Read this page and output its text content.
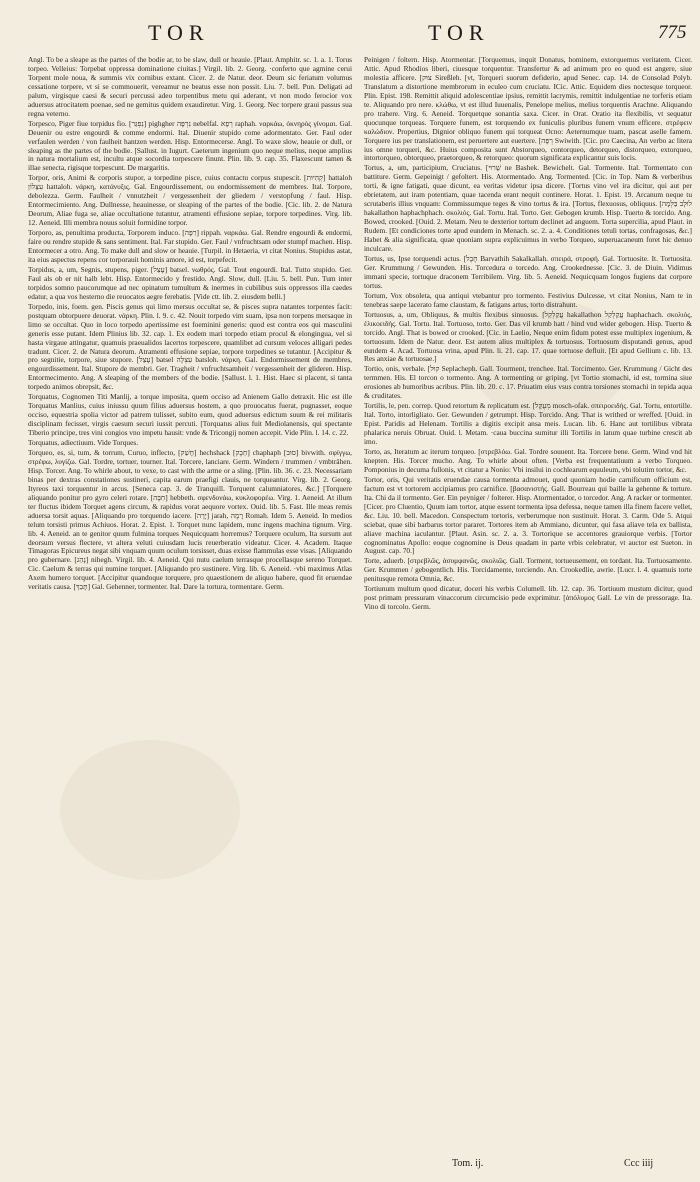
TOR	TOR	775

Angl. To be a sleape as the partes of the bodie ar, to be slaw, dull or heauie. [Plaut. Amphitr. sc. 1. a. 1. Torus torpeo. Velleius: Torpebat oppressa dominatione ciuitas.] Virgil. lib. 2. Georg. ·conferto que agmine cerui Torpent mole noua, & summis vix cornibus extant. Cicer. 2. de Natur. deor. Deum sic feriatum volumus cessatione torpere, vt si se commouerit, vereamur ne beatus esse non possit. Liu. 7. bell. Pun. Deligati ad palum, virgisque caesi & securi percussi adeo torpentibus metu qui aderant, vt non modo ferocior vox aduersus atrocitatem poenae, sed ne gemitus quidem exaudiretur. Virg. 1. Georg. Nec torpere graui passus sua regna veterno.

Torpesco, Piger fiue torpidus fio. [נִפְגַּר] pighgher נִרְפָּה nebelfal. רְפָא raphah. ναρκάω, ὀκνηρὸς γίνομαι. Gal. Deuenir ou estre engourdi & comme endormi. Ital. Diuenir stupido come adormentato. Ger. Faul oder verfaulen werden / von faulheit hantzen werden. Hisp. Entormecerse. Angl. To waxe slow, heauie or dull, or sleaping as the partes of the bodie. [Sallust. in Iugurt. Caeterum ingenium quo neque melius, neque amplius in natura mortalium est, incultu atque socordia torpescere finunt. Plin. lib. 9. cap. 35. Flaxescunt tamen & illae senecta, rigisque torpescunt. De margaritis.

Torpor, oris, Animi & corporis stupor, a torpedine pisce, cuius contactu corpus stupescit. [קְהִיוּת] hattaloh עִצָּלוֹן hattaloh. νάρκη, κατάνυξις. Gal. Engourdissement, ou endormissement de membres. Ital. Torpore, debolezza. Germ. Faulheit / vnnutzheit / vergessenheit der gliedern / verstopfung / faul. Hisp. Entormecimiento. Ang. Dullnesse, heauinesse, or sleaping of the partes of the bodie. [Cic. lib. 2. de Natura Deorum, Aliae fuga se, aliae occultatione tutantur, atramenti effusione sepiae, torpore torpedines. Virg. lib. 12. Aeneid. Illi membra nouus soluit formidine torpor.

Torporo, as, penultima producta, Torporem induco. [רִפָּה] rippah. ναρκάω. Gal. Rendre engourdi & endormi, faire ou rendre stupide & sans sentiment. Ital. Far stupido. Ger. Faul / vnfruchtsam oder stumpf machen. Hisp. Entormecer a otro. Ang. To make dull and slow or heauie. [Turpil. in Hetaeria, vt citat Nonius. Stupidus astat, ita eius aspectus repens cor torporauit hominis amore, id est, torpefecit.

Torpidus, a, um, Segnis, stupens, piger. [עָצֵל] batsel. νωθρός. Gal. Tout engourdi. Ital. Tutto stupido. Ger. Faul als ob er nit halb lebt. Hisp. Entormecido y frestido. Angl. Slow, dull. [Liu. 5. bell. Pun. Tum inter torpidos somno paucorumque ad nec opinatum tumultum & inermes in cubilibus suis oppressos illa caedes edatur, a qua vos hesterno die reuocatos aegre ferebatis. [Vide ctt. lib. 2. eiusdem belli.]

Torpedo, inis, foem. gen. Piscis genus qui limo mersus occultat se, & pisces supra natantes torpentes facit: postquam obtorpuere deuorat. νάρκη. Plin. l. 9. c. 42. Nouit torpedo vim suam, ipsa non torpens mersaque in limo se occultat. Quo in loco torpedo apertissime est foeminini generis: quod est contra eos qui masculini generis esse putant. Idem Plinius lib. 32. cap. 1. Ex eodem mari torpedo etiam procul & elongingua, vel si hasta virgaue attingatur, quamuis praeualidos lacertos torpescere, quamlibet ad cursum veloces alligari pedes tradunt. Cicer. 2. de Natura deorum. Atramenti effusione sepiae, torpore torpedines se tutantur. [Accipitur & pro segnitie, torpore, siue stupore. [עָצֵל] batsel עִצְלָה batsloh. νάρκη. Gal. Endormissement de membres, engourdissement. Ital. Stupore de membri. Ger. Tragheit / vnfruchtsamheit / vergessenheit der glideren. Hisp. Entormecimento. Ang. A sleaping of the members of the bodie. [Sallust. l. 1. Hist. Haec si placent, si tanta torpedo animos obrepsit, &c.

Torquatus, Cognomen Titi Manlij, a torque imposita, quem occiso ad Anienem Gallo detraxit. Hic est ille Torquatus Manlius, cuius iniussu quum filius aduersus hostem, a quo prouocatus fuerat, pugnasset, eoque occiso, equestria spolia victor ad patrem tulisset, subito eum, quod aduersus edictum suum & rei militaris disciplinam fecisset, virgis caesum securi iussit percuti. [Torquatus alius fuit Mediolanensis, qui spectante Tiberio principe, tres vini congios vno impetu hausit: vnde & Tricongij nomen accepit. Vide Plin. l. 14. c. 22.

Torquatus, adiectiuum. Vide Torques.

Torqueo, es, si, tum, & torrum, Curuo, inflecto, [חָשַׁק] hechshack [חֵבֶק] chaphaph [סוּב] bivwith. σφίγγω, στρέφω, λυγίζω. Gal. Tordre, tortuer, tourner. Ital. Torcere, lanciare. Germ. Windern / trummen / vmbträhen. Hisp. Torcer. Ang. To whirle about, to vexe, to cast with the arme or a sling. [Plin. lib. 36. c. 23. Necessariam binas per dextras constationes sustineri, capita earum praefigi clauis, ne torqueantur. Virg. lib. 2. Georg. Ityreos taxi torquentur in arcus. [Seneca cap. 3. de Tranquill. Torquent calumniatores, &c.] [Torquere aliquando ponitur pro gyro celeri rotare. [חִבָּה] hebbeth. σφενδονάω, κυκλοφορέω. Virg. 1. Aeneid. At illum ter fluctus ibidem Torquet agens circum, & rapidus vorat aequore vortex. Ouid. lib. 5. Fast. Ille meas remis aduersa torsit aquas. [Aliquando pro torquendo iacere. [יָרָה] jarah, רָמָה Romah. Idem 5. Aeneid. In medios telum torsisti primus Achiuos. Horat. 2. Epist. 1. Torquet nunc lapidem, nunc ingens machina tignum. Virg. lib. 4. Aeneid. an te genitor quum fulmina torques Nequicquam horremus? Torquere oculum, Ita sursum aut deorsum versus flectere, vt altera veluti cuiusdam lucis reuerberatio videatur. Cicer. 4. Academ. Itaque Timagoras Epicureus negat sibi vnquam quum oculum torsisset, duas exisse flammulas esse visas. [Aliquando pro gubernare. [נָהַג] nihegh. Virgil. lib. 4. Aeneid. Qui nutu caelum terrasque procellasque sereno Torquet. Cic. Caelum & terras qui numine torquet. [Aliquando pro sustinere. Virg. lib. 6. Aeneid. ·vbi maximus Atlas Axem humero torquet. [Accipitur quandoque torquere, pro quaestionem de aliquo habere, quod fit eruendae veritatis causa. [תָּבַךְ] Gal. Gehenner, tormenter. Ital. Dare la tortura, tormentare. Germ.

Peinigen / foltern. Hisp. Atormentar. [Torquemus, inquit Donatus, hominem, extorquemus veritatem. Cicer. Attic. Apud Rhodios liberi, ciuesque torquentur. Transfertur & ad animum pro eo quod est angere, siue molestia afficere. [צוּק Sireßleh. [vt, Torqueri suorum defiderio, apud Senec. cap. 14. de Consolad Polyb. Translatum a distortione membrorum in eculeo cum cruciatu. ICic. Attic. Equidem dies noctesque torqueor. Plin. Epist. 198. Remittit aliquid adolescentiae ipsius, remittit lacrymis, remittit indulgentiae ne torferis etiam te. Aliquando pro nere. κλώθω, vt est illud Iuuenalis, Penelope melius, melius torquentis Arachne. Aliquando pro trahere. Virg. 6. Aeneid. Torquetque sonantia saxa. Cicer. in Orat. Oratio ita flexibilis, vt sequatur quocunque torqueas. Torquere funem, est torquendo ex funiculis pluribus funem vnum efficere. στρέφειν καλώδιον. Propertius, Dignior obliquo funem qui torqueat Ocno: Aeternumque tuam, pascat aselle famem. Torquere ius per translationem, est peruertere aut euertere. [רְפָּה Swiwith. [Cic. pro Caecina, An verbo ac litera ius omne torqueri, &c. Huius composita sunt Abstorqueo, contorqueo, detorqueo, distorqueo, extorqueo, intortorqueo, obtorqueo, praetorqueo, & retorqueo: quorum significata explicantur suis locis.

Tortus, a, um, participium, Cruciatus. [שָׁרוּי ne Bashek. Bewichelt. Gal. Tormente. Ital. Tormentato con battiture. Germ. Gepeinigt / gefoltert. His. Atormentado. Ang. Tormented. [Cic. in Top. Nam & verberibus torti, & igne fatigati, quae dicunt, ea veritas videtur ipsa dicere. [Tortus vino vel ira dicitur, qui aut per ebrietatem, aut iram potentiam, quae tacenda erant nequit continere. Horat. 1. Epist. 19. Arcanum neque tu scrutaberis illius vnquam: Commissumque teges & vino tortus & ira. [Tortus, flexuosus, obliquus. [לוּלָב בַּלְּמָה hakallathon haphachphach. σκολιός. Gal. Tortu. Ital. Torto. Ger. Gebogen krumb. Hisp. Tuerto & torcido. Ang. Bowed, crooked. [Ouid. 2. Metam. Neu te dexterior tortum declinet ad anguem. Torta supercilia, apud Plaut. in Rudem. [Et condiciones torte apud eundem in Menach. sc. 2. a. 4. Conditiones tetuli tortas, confragosas, &c.] Habet & alia significata, quae quoniam supra explicuimus in verbo Torqueo, superuacaneum foret hic denuo inculcare.

Tortus, us, Ipse torquendi actus. [חֶבֶל Barvathih Sakalkallah. σπειρά, στροφή. Gal. Tortuosite. It. Tortuosita. Ger. Krummung / Gewunden. His. Torcedura o torcedo. Ang. Crookednesse. [Cic. 3. de Diuin. Vidimus immani specie, tortuque draconem Terribilem. Virg. lib. 5. Aeneid. Nequicquam longos fugiens dat corpore tortus.

Tortum, Vox obsoleta, qua antiqui vtebantur pro tormento. Festivius Dulcesse, vt citat Nonius, Nam te in tenebras saepe lacerato fame claustam, & fatigans artus, torto distrahunt.

Tortuosus, a, um, Obliquus, & multis flexibus sinuosus. [עֲקַלְקַל hakallathon עֲקַלְקַל haphachach. σκολιός, ἑλικοειδής. Gal. Tortu. Ital. Tortuoso, torto. Ger. Das vil krumb hatt / hind vnd wider gebogen. Hisp. Tuerto & torcido. Angl. That is bowed or crooked. [Cic. in Laelio, Neque enim fidum potest esse multiplex ingenium, & tortuosum. Idem de Natur. deor. Est autem alius multiplex & tortuosus. Tortuosum disputandi genus, apud eundem 4. Acad. Tortuosa vrina, apud Plin. li. 21. cap. 17. quae tortuose defluit. [Et apud Gellium c. lib. 13. Res anxiae & tortuosae.]

Tortio, onis, verbale. [קוּל Seplacheph. Gall. Tourment, trenchee. Ital. Torcimento. Ger. Krummung / Gicht des termmen. His. El torcon o tormento. Ang. A tormenting or griping. [vt Tortio stomachi, id est, tormina siue erosiones ab humoribus acribus. Plin. lib. 20. c. 17. Priuatim eius vsus contra torsiones stomachi in tepida aqua & cruditates.

Tortilis, le, pen. correp. Quod retortum & replicatum est. [מְעֻקָּל mosch-ofak. σπειροειδής. Gal. Tortu, entortille. Ital. Torto, intorligliato. Ger. Gewunden / getrumpt. Hisp. Torcido. Ang. That is writhed or wreffed. [Ouid. in Epist. Paridis ad Helenam. Tortilis a digitis excipit ansa meis. Lucan. lib. 6. Hanc aut tortilibus vibrata phalarica neruis Obruat. Ouid. l. Metam. ·caua buccina sumitur illi Tortilis in latum quae turbine crescit ab imo.

Torto, as, Iteratum ac iterum torqueo. [στρεβλόω. Gal. Tordre souuent. Ita. Torcere bene. Germ. Wind vnd hit knepten. His. Torcer mucho. Ang. To whirle about often. [Verba est frequentatiuum a verbo Torqueo. Pomponius in decuma fullonis, vt citatur a Nonio: Vbi insilui in cochlearum equuleum, vbi tolutim tortor, &c.

Tortor, oris, Qui veritatis eruendae causa tormenta admouet, quod quoniam hodie carnificum officium est, factum est vt tortorem accipiamus pro carnifice. [βασανιστής. Gall. Bourreau qui baille la gehenne & torture. Ita. Chi da il tormento. Ger. Ein peyniger / folterer. Hisp. Atormentador, o torcedor. Ang. A racker or tormenter. [Cicer. pro Cluentio, Quum iam tortor, atque essent tormenta ipsa defessa, neque tamen illa finem facere vellet, &c. Liu. 10. bell. Macedon. Conspectum tortoris, verberumque non sustinuit. Horat. 3. Carm. Ode 5. Atqui sciebat, quae sibi barbarus tortor pararet. Tortores item ab Ammiano, dicuntur, qui fasa aliave tela ex ballista, aliave machina iaculantur. [Plaut. Asin. sc. 2. a. 3. Tortorique se accentores grauiorque verbis. [Tortor cognominatus Apollo: eoque cognomine is Deus quadam in parte vrbis celebratur, vt auctor est Sueton. in August. cap. 70.]

Torte, aduerb. [στρεβλῶς, ἀσυμφανῶς, σκολιῶς. Gall. Torment, tortueusement, en tordant. Ita. Tortuosamente. Ger. Krummen / gebogentlich. His. Torcidamente, torciendo. An. Crookedlie, awrie. [Lucr. l. 4. quamuis torte penitusque remota Omnia, &c.

Tortiunum multum quod dicatur, doceri his verbis Columell. lib. 12. cap. 36. Tortiuum mustum dicitur, quod post primam pressuram vinaccorum circumcisio pede exprimitur. [ἀπόλυμος Gall. Le vin de pressorage. Ita. Vino di torcolo. Germ.

Tom. ij.	Ccc iiij
